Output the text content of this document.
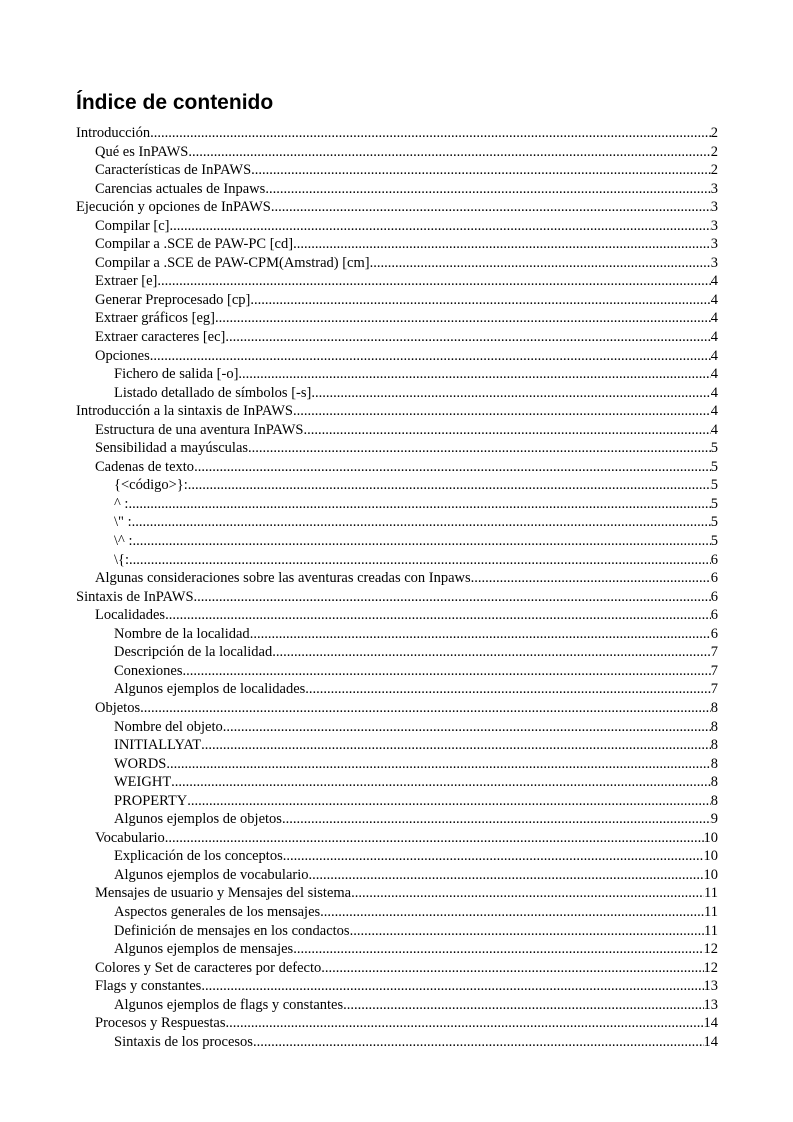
Índice de contenido
Introducción .....	2
Qué es InPAWS .....	2
Características de InPAWS .....	2
Carencias actuales de Inpaws .....	3
Ejecución y opciones de InPAWS .....	3
Compilar [c] .....	3
Compilar a .SCE de PAW-PC [cd] .....	3
Compilar a .SCE de PAW-CPM(Amstrad) [cm] .....	3
Extraer [e] .....	4
Generar Preprocesado [cp] .....	4
Extraer gráficos [eg] .....	4
Extraer caracteres [ec] .....	4
Opciones .....	4
Fichero de salida [-o] .....	4
Listado detallado de símbolos [-s] .....	4
Introducción a la sintaxis de InPAWS .....	4
Estructura de una aventura InPAWS .....	4
Sensibilidad a mayúsculas .....	5
Cadenas de texto .....	5
{<código>}: .....	5
^ : .....	5
\" : .....	5
\^ : .....	5
\{: .....	6
Algunas consideraciones sobre las aventuras creadas con Inpaws .....	6
Sintaxis de InPAWS .....	6
Localidades .....	6
Nombre de la localidad .....	6
Descripción de la localidad .....	7
Conexiones .....	7
Algunos ejemplos de localidades .....	7
Objetos .....	8
Nombre del objeto .....	8
INITIALLYAT .....	8
WORDS .....	8
WEIGHT .....	8
PROPERTY .....	8
Algunos ejemplos de objetos .....	9
Vocabulario .....	10
Explicación de los conceptos .....	10
Algunos ejemplos de vocabulario .....	10
Mensajes de usuario y Mensajes del sistema .....	11
Aspectos generales de los mensajes .....	11
Definición de mensajes en los condactos .....	11
Algunos ejemplos de mensajes .....	12
Colores y Set de caracteres por defecto .....	12
Flags y constantes .....	13
Algunos ejemplos de flags y constantes .....	13
Procesos y Respuestas .....	14
Sintaxis de los procesos .....	14
